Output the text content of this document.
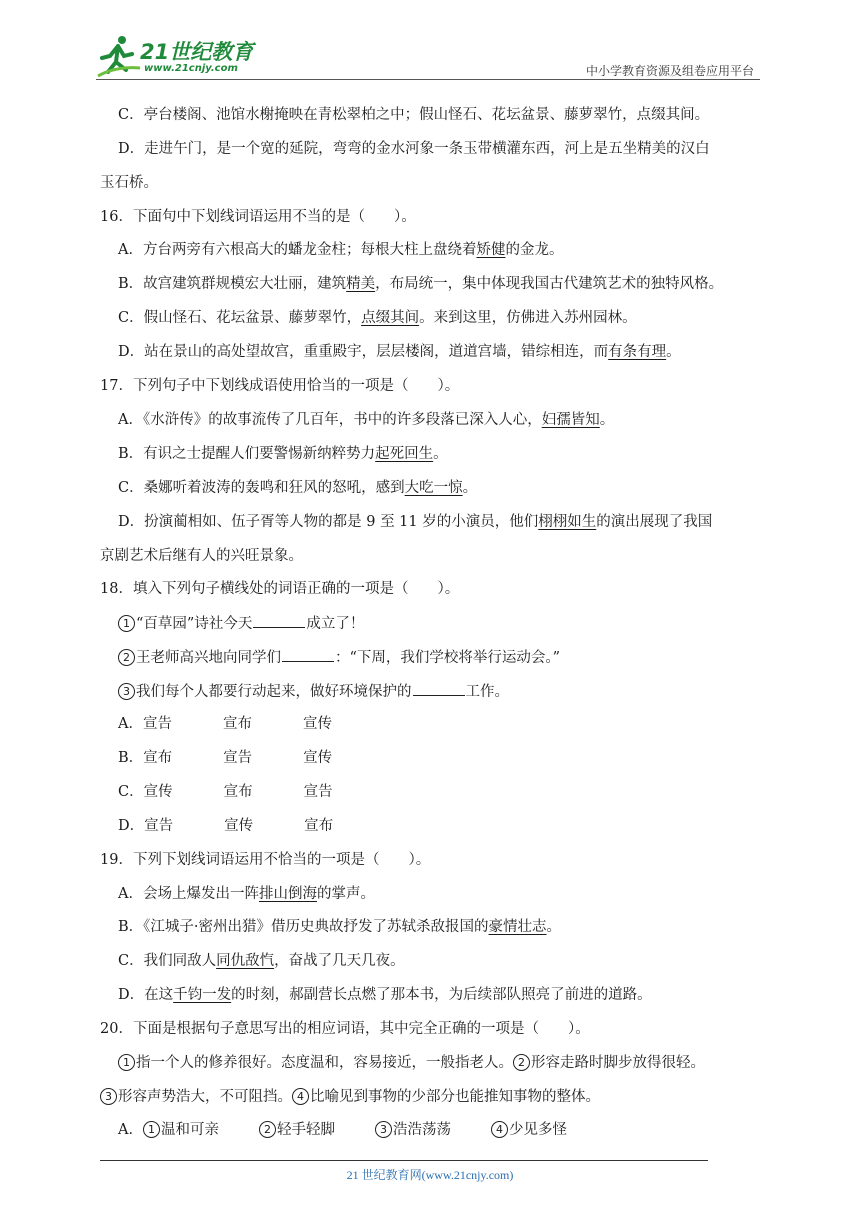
21世纪教育
www.21cnjy.com	中小学教育资源及组卷应用平台
C．亭台楼阁、池馆水榭掩映在青松翠柏之中；假山怪石、花坛盆景、藤萝翠竹，点缀其间。
D．走进午门，是一个宽的延院，弯弯的金水河象一条玉带横灌东西，河上是五坐精美的汉白
玉石桥。
16．下面句中下划线词语运用不当的是（　　）。
A．方台两旁有六根高大的蟠龙金柱；每根大柱上盘绕着矫健的金龙。
B．故宫建筑群规模宏大壮丽，建筑精美，布局统一，集中体现我国古代建筑艺术的独特风格。
C．假山怪石、花坛盆景、藤萝翠竹，点缀其间。来到这里，仿佛进入苏州园林。
D．站在景山的高处望故宫，重重殿宇，层层楼阁，道道宫墙，错综相连，而有条有理。
17．下列句子中下划线成语使用恰当的一项是（　　）。
A．《水浒传》的故事流传了几百年，书中的许多段落已深入人心，妇孺皆知。
B．有识之士提醒人们要警惕新纳粹势力起死回生。
C．桑娜听着波涛的轰鸣和狂风的怒吼，感到大吃一惊。
D．扮演蔺相如、伍子胥等人物的都是 9 至 11 岁的小演员，他们栩栩如生的演出展现了我国
京剧艺术后继有人的兴旺景象。
18．填入下列句子横线处的词语正确的一项是（　　）。
1 “百草园”诗社今天	成立了！
2 王老师高兴地向同学们	：“下周，我们学校将举行运动会。”
3 我们每个人都要行动起来，做好环境保护的	工作。
A．宣告	宣布	宣传
B．宣布	宣告	宣传
C．宣传	宣布	宣告
D．宣告	宣传	宣布
19．下列下划线词语运用不恰当的一项是（　　）。
A．会场上爆发出一阵排山倒海的掌声。
B．《江城子·密州出猎》借历史典故抒发了苏轼杀敌报国的豪情壮志。
C．我们同敌人同仇敌忾，奋战了几天几夜。
D．在这千钧一发的时刻，郝副营长点燃了那本书，为后续部队照亮了前进的道路。
20．下面是根据句子意思写出的相应词语，其中完全正确的一项是（　　）。
1 指一个人的修养很好。态度温和，容易接近，一般指老人。 2 形容走路时脚步放得很轻。
3 形容声势浩大，不可阻挡。 4 比喻见到事物的少部分也能推知事物的整体。
A． 1 温和可亲	2 轻手轻脚	3 浩浩荡荡	4 少见多怪
21 世纪教育网(www.21cnjy.com)
